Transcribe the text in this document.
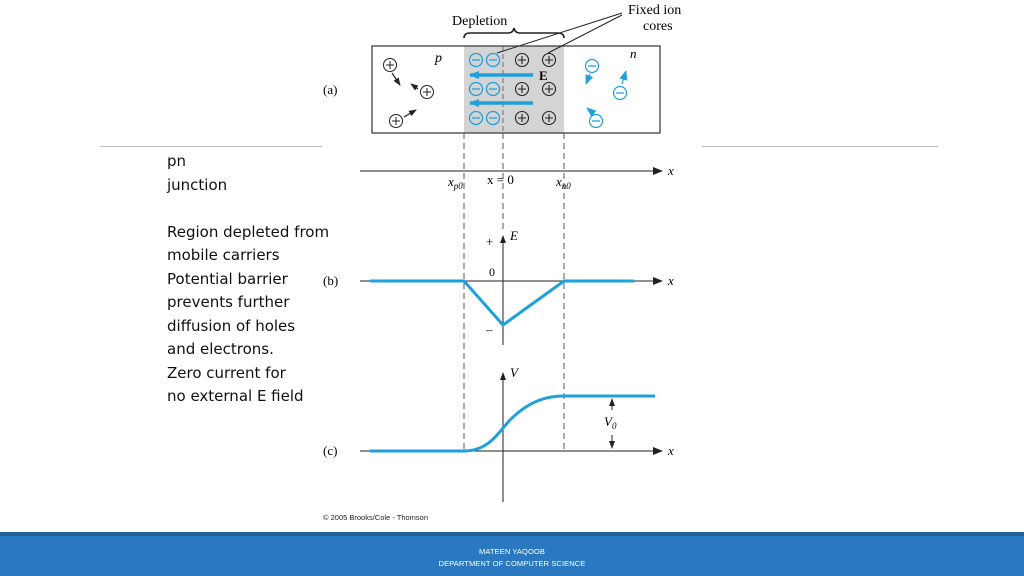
pn
junction
Region depleted from
mobile carriers
Potential barrier
prevents further
diffusion of holes
and electrons.
Zero current for
no external E field
Depletion
Fixed ion
cores
p	n
(a)
E
x
$x_{p0}$ x = 0	$x_{n0}$
E
+
0
–
x
(b)
V
x
(c)
$V_0$
© 2005 Brooks/Cole - Thomson
MATEEN YAQOOB
DEPARTMENT OF COMPUTER SCIENCE
